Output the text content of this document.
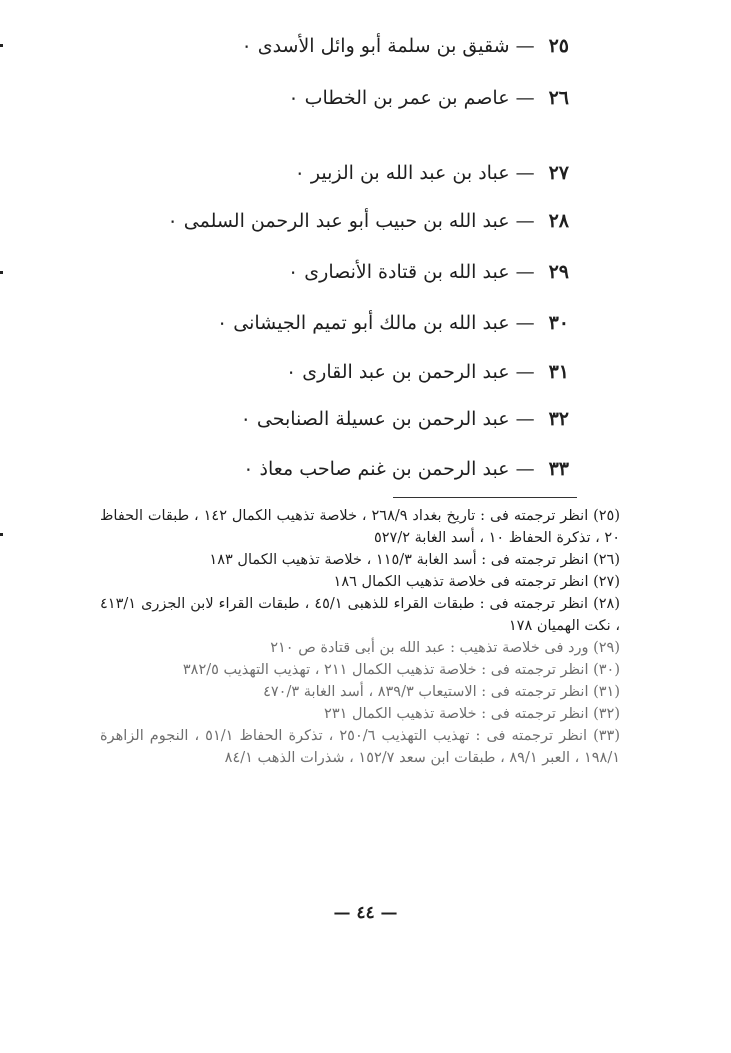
٢٥— شقيق بن سلمة أبو وائل الأسدى ٠
٢٦— عاصم بن عمر بن الخطاب ٠
٢٧— عباد بن عبد الله بن الزبير ٠
٢٨— عبد الله بن حبيب أبو عبد الرحمن السلمى ٠
٢٩— عبد الله بن قتادة الأنصارى ٠
٣٠— عبد الله بن مالك أبو تميم الجيشانى ٠
٣١— عبد الرحمن بن عبد القارى ٠
٣٢— عبد الرحمن بن عسيلة الصنابحى ٠
٣٣— عبد الرحمن بن غنم صاحب معاذ ٠

(٢٥) انظر ترجمته فى : تاريخ بغداد ٢٦٨/٩ ، خلاصة تذهيب الكمال ١٤٢ ، طبقات الحفاظ ٢٠ ، تذكرة الحفاظ ١٠ ، أسد الغابة ٥٢٧/٢

(٢٦) انظر ترجمته فى : أسد الغابة ١١٥/٣ ، خلاصة تذهيب الكمال ١٨٣

(٢٧) انظر ترجمته فى خلاصة تذهيب الكمال ١٨٦

(٢٨) انظر ترجمته فى : طبقات القراء للذهبى ٤٥/١ ، طبقات القراء لابن الجزرى ٤١٣/١ ، نكت الهميان ١٧٨

(٢٩) ورد فى خلاصة تذهيب : عبد الله بن أبى قتادة ص ٢١٠

(٣٠) انظر ترجمته فى : خلاصة تذهيب الكمال ٢١١ ، تهذيب التهذيب ٣٨٢/٥

(٣١) انظر ترجمته فى : الاستيعاب ٨٣٩/٣ ، أسد الغابة ٤٧٠/٣

(٣٢) انظر ترجمته فى : خلاصة تذهيب الكمال ٢٣١

(٣٣) انظر ترجمته فى : تهذيب التهذيب ٢٥٠/٦ ، تذكرة الحفاظ ٥١/١ ، النجوم الزاهرة ١٩٨/١ ، العبر ٨٩/١ ، طبقات ابن سعد ١٥٢/٧ ، شذرات الذهب ٨٤/١

— ٤٤ —
